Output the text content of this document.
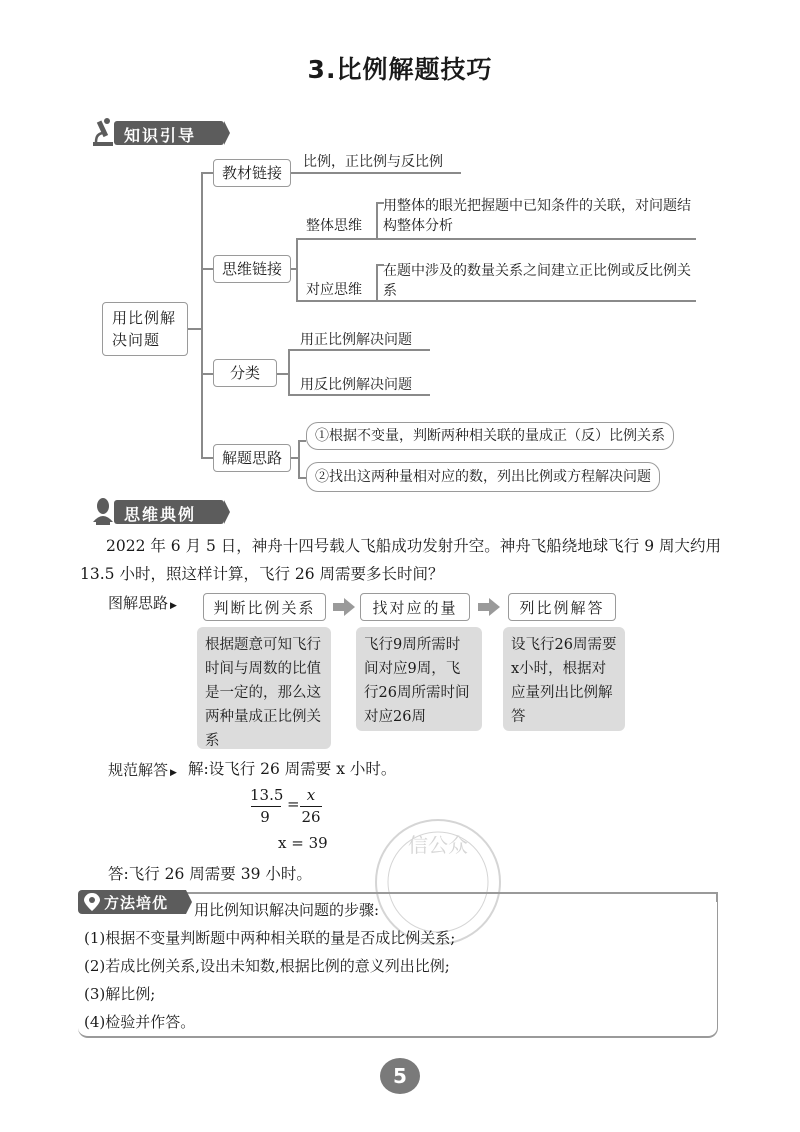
3.比例解题技巧
知识引导
用比例解决问题
教材链接
比例，正比例与反比例
思维链接
整体思维
对应思维
用整体的眼光把握题中已知条件的关联，对问题结构整体分析
在题中涉及的数量关系之间建立正比例或反比例关系
分类
用正比例解决问题
用反比例解决问题
解题思路
①根据不变量，判断两种相关联的量成正（反）比例关系
②找出这两种量相对应的数，列出比例或方程解决问题
思维典例
2022 年 6 月 5 日，神舟十四号载人飞船成功发射升空。神舟飞船绕地球飞行 9 周大约用
13.5 小时，照这样计算，飞行 26 周需要多长时间？
图解思路 ▶	判断比例关系	找对应的量	列比例解答
根据题意可知飞行时间与周数的比值是一定的，那么这两种量成正比例关系
飞行9周所需时间对应9周，飞行26周所需时间对应26周
设飞行26周需要x小时，根据对应量列出比例解答
规范解答 ▶ 解:设飞行 26 周需要 x 小时。
13.5
9
= x
26
x = 39
答:飞行 26 周需要 39 小时。
信公众
方法培优 用比例知识解决问题的步骤:
(1)根据不变量判断题中两种相关联的量是否成比例关系;
(2)若成比例关系,设出未知数,根据比例的意义列出比例;
(3)解比例;
(4)检验并作答。
5
